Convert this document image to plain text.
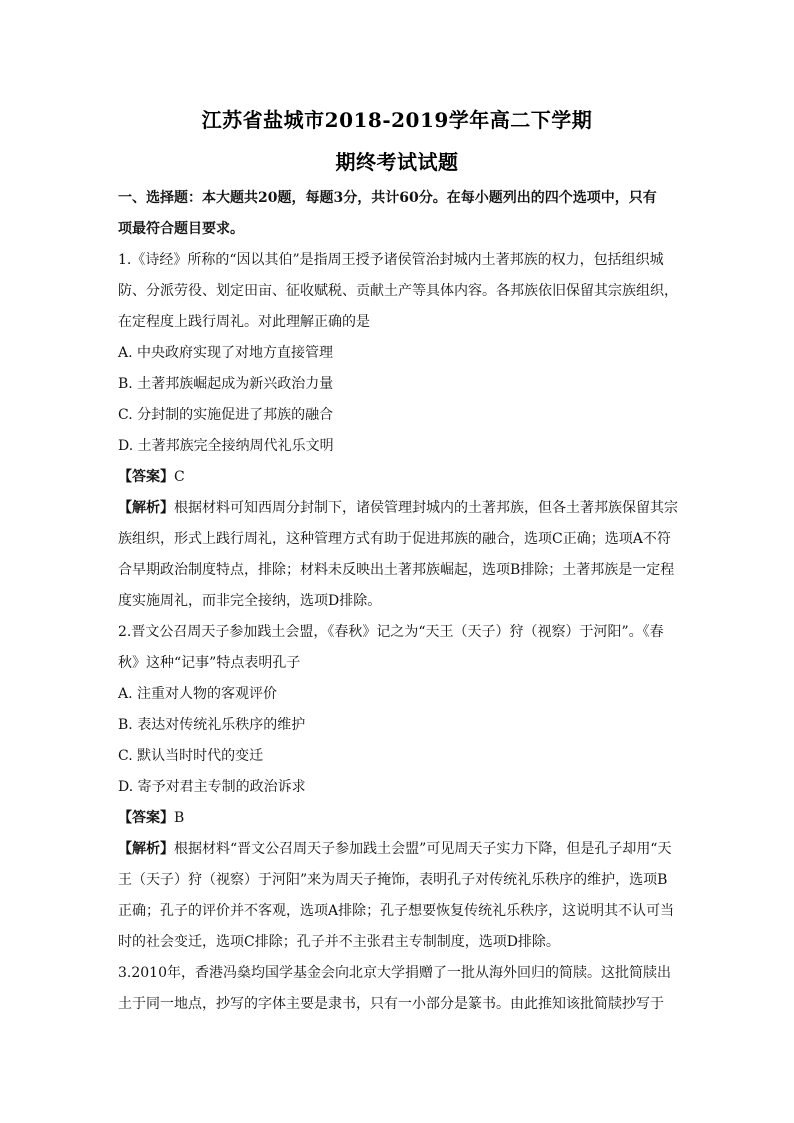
江苏省盐城市2018-2019学年高二下学期
期终考试试题

一、选择题：本大题共20题，每题3分，共计60分。在每小题列出的四个选项中，只有

项最符合题目要求。

1.《诗经》所称的“因以其伯”是指周王授予诸侯管治封城内土著邦族的权力，包括组织城

防、分派劳役、划定田亩、征收赋税、贡献土产等具体内容。各邦族依旧保留其宗族组织，

在定程度上践行周礼。对此理解正确的是

A. 中央政府实现了对地方直接管理

B. 土著邦族崛起成为新兴政治力量

C. 分封制的实施促进了邦族的融合

D. 土著邦族完全接纳周代礼乐文明

【答案】C

【解析】根据材料可知西周分封制下，诸侯管理封城内的土著邦族，但各土著邦族保留其宗

族组织，形式上践行周礼，这种管理方式有助于促进邦族的融合，选项C正确；选项A不符

合早期政治制度特点，排除；材料未反映出土著邦族崛起，选项B排除；土著邦族是一定程

度实施周礼，而非完全接纳，选项D排除。

2.晋文公召周天子参加践土会盟，《春秋》记之为“天王（天子）狩（视察）于河阳”。《春

秋》这种“记事”特点表明孔子

A. 注重对人物的客观评价

B. 表达对传统礼乐秩序的维护

C. 默认当时时代的变迁

D. 寄予对君主专制的政治诉求

【答案】B

【解析】根据材料“晋文公召周天子参加践土会盟”可见周天子实力下降，但是孔子却用“天

王（天子）狩（视察）于河阳”来为周天子掩饰，表明孔子对传统礼乐秩序的维护，选项B

正确；孔子的评价并不客观，选项A排除；孔子想要恢复传统礼乐秩序，这说明其不认可当

时的社会变迁，选项C排除；孔子并不主张君主专制制度，选项D排除。

3.2010年，香港冯燊均国学基金会向北京大学捐赠了一批从海外回归的简牍。这批简牍出

土于同一地点，抄写的字体主要是隶书，只有一小部分是篆书。由此推知该批简牍抄写于
